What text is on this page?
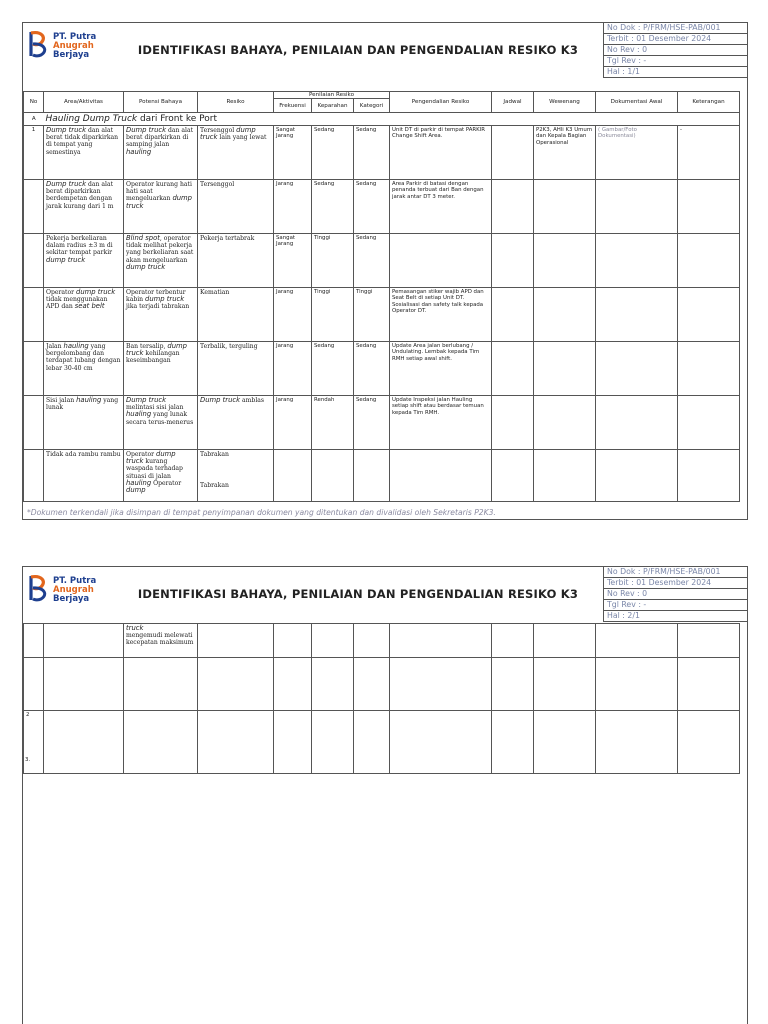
PT. Putra
Anugrah
Berjaya	IDENTIFIKASI BAHAYA, PENILAIAN DAN PENGENDALIAN RESIKO K3
No Dok : P/FRM/HSE-PAB/001
Terbit : 01 Desember 2024
No Rev : 0
Tgl Rev : -
Hal : 1/1
No	Area/Aktivitas	Potensi Bahaya	Resiko	Penilaian Resiko			Pengendalian Resiko	Jadwal	Wewenang	Dokumentasi Awal	Keterangan
				Frekuensi	Keparahan	Kategori					
A	Hauling Dump Truck dari Front ke Port										
1	Dump truck dan alat berat tidak diparkirkan di tempat yang semestinya	Dump truck dan alat berat diparkirkan di samping jalan hauling	Tersenggol dump truck lain yang lewat	Sangat Jarang	Sedang	Sedang	Unit DT di parkir di tempat PARKIR Change Shift Area.		P2K3, AHli K3 Umum dan Kepala Bagian Operasional	( Gambar/Foto Dokumentasi)	-
	Dump truck dan alat berat diparkirkan berdempetan dengan jarak kurang dari 1 m	Operator kurang hati hati saat mengeluarkan dump truck	Tersenggol	Jarang	Sedang	Sedang	Area Parkir di batasi dengan penanda terbuat dari Ban dengan jarak antar DT 3 meter.				
	Pekerja berkeliaran dalam radius ±3 m di sekitar tempat parkir dump truck	Blind spot, operator tidak melihat pekerja yang berkeliaran saat akan mengeluarkan dump truck	Pekerja tertabrak	Sangat Jarang	Tinggi	Sedang					
	Operator dump truck tidak menggunakan APD dan seat belt	Operator terbentur kabin dump truck jika terjadi tabrakan	Kematian	Jarang	Tinggi	Tinggi	Pemasangan stiker wajib APD dan Seat Belt di setiap Unit DT.
Sosialisasi dan safety talk kepada Operator DT.				
	Jalan hauling yang bergelombang dan terdapat lubang dengan lebar 30-40 cm	Ban tersalip, dump truck kehilangan keseimbangan	Terbalik, terguling	Jarang	Sedang	Sedang	Update Area jalan berlubang / Undulating. Lembak kepada Tim RMH setiap awal shift.				
	Sisi jalan hauling yang lunak	Dump truck melintasi sisi jalan hualing yang lunak secara terus-menerus	Dump truck amblas	Jarang	Rendah	Sedang	Update Inspeksi jalan Hauling setiap shift atau berdasar temuan kepada Tim RMH.				
	Tidak ada rambu rambu	Operator dump truck kurang waspada terhadap situasi di jalan hauling Operator dump	Tabrakan
Tabrakan								

*Dokumen terkendali jika disimpan di tempat penyimpanan dokumen yang ditentukan dan divalidasi oleh Sekretaris P2K3.
PT. Putra
Anugrah
Berjaya	IDENTIFIKASI BAHAYA, PENILAIAN DAN PENGENDALIAN RESIKO K3
No Dok : P/FRM/HSE-PAB/001
Terbit : 01 Desember 2024
No Rev : 0
Tgl Rev : -
Hal : 2/1
		truck
mengemudi melewati kecepatan maksimum									

2
3.											
